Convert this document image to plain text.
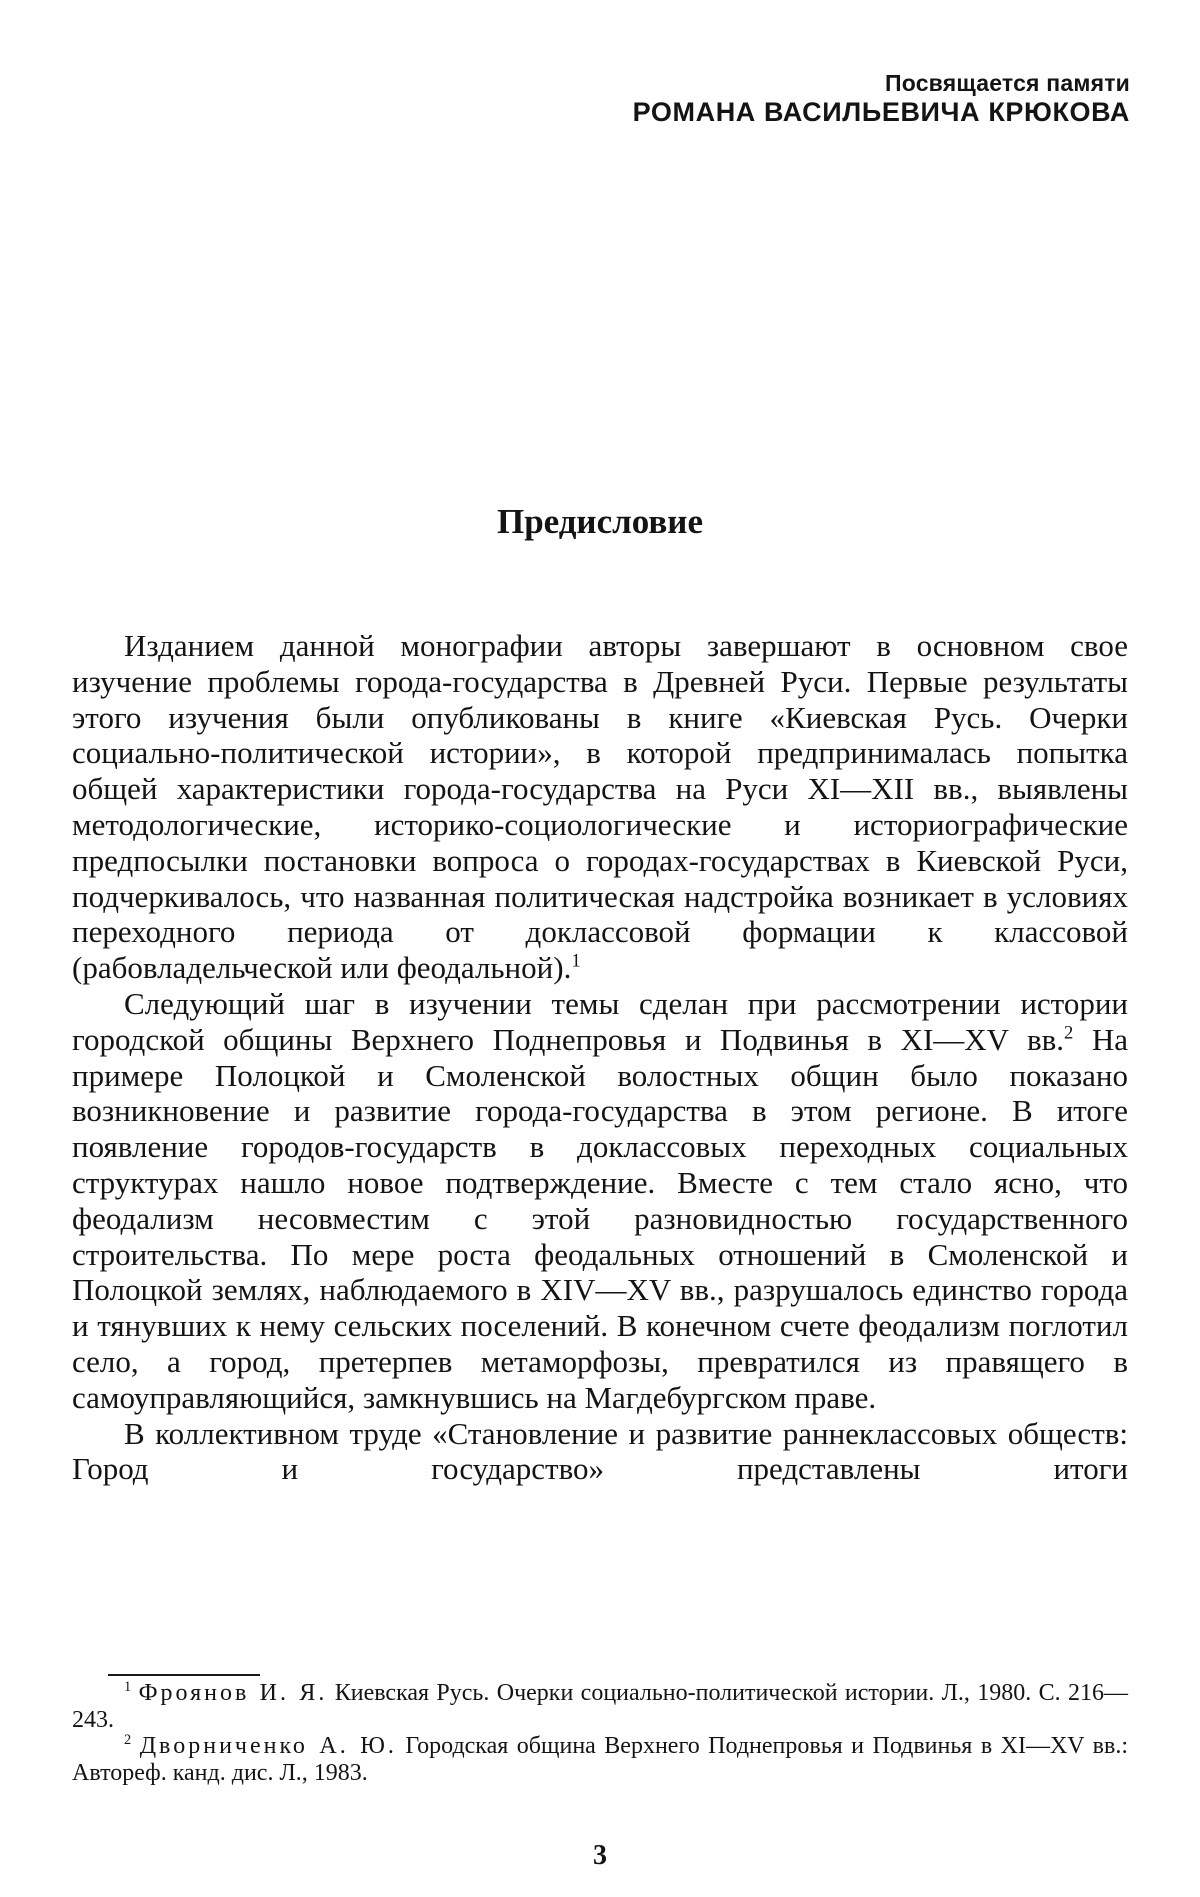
Посвящается памяти
РОМАНА ВАСИЛЬЕВИЧА КРЮКОВА
Предисловие

Изданием данной монографии авторы завершают в основном свое изучение проблемы города-государства в Древней Руси. Первые результаты этого изучения были опубликованы в книге «Киевская Русь. Очерки социально-политической истории», в которой предпринималась попытка общей характеристики города-государства на Руси XI—XII вв., выявлены методологические, историко-социологические и историографические предпосылки постановки вопроса о городах-государствах в Киевской Руси, подчеркивалось, что названная политическая надстройка возникает в условиях переходного периода от доклассовой формации к классовой (рабовладельческой или феодальной).$^1$

Следующий шаг в изучении темы сделан при рассмотрении истории городской общины Верхнего Поднепровья и Подвинья в XI—XV вв.$^2$ На примере Полоцкой и Смоленской волостных общин было показано возникновение и развитие города-государства в этом регионе. В итоге появление городов-государств в доклассовых переходных социальных структурах нашло новое подтверждение. Вместе с тем стало ясно, что феодализм несовместим с этой разновидностью государственного строительства. По мере роста феодальных отношений в Смоленской и Полоцкой землях, наблюдаемого в XIV—XV вв., разрушалось единство города и тянувших к нему сельских поселений. В конечном счете феодализм поглотил село, а город, претерпев метаморфозы, превратился из правящего в самоуправляющийся, замкнувшись на Магдебургском праве.

В коллективном труде «Становление и развитие раннеклассовых обществ: Город и государство» представлены итоги

$^1$ Фроянов И. Я. Киевская Русь. Очерки социально-политической истории. Л., 1980. С. 216—243.

$^2$ Дворниченко А. Ю. Городская община Верхнего Поднепровья и Подвинья в XI—XV вв.: Автореф. канд. дис. Л., 1983.

3
